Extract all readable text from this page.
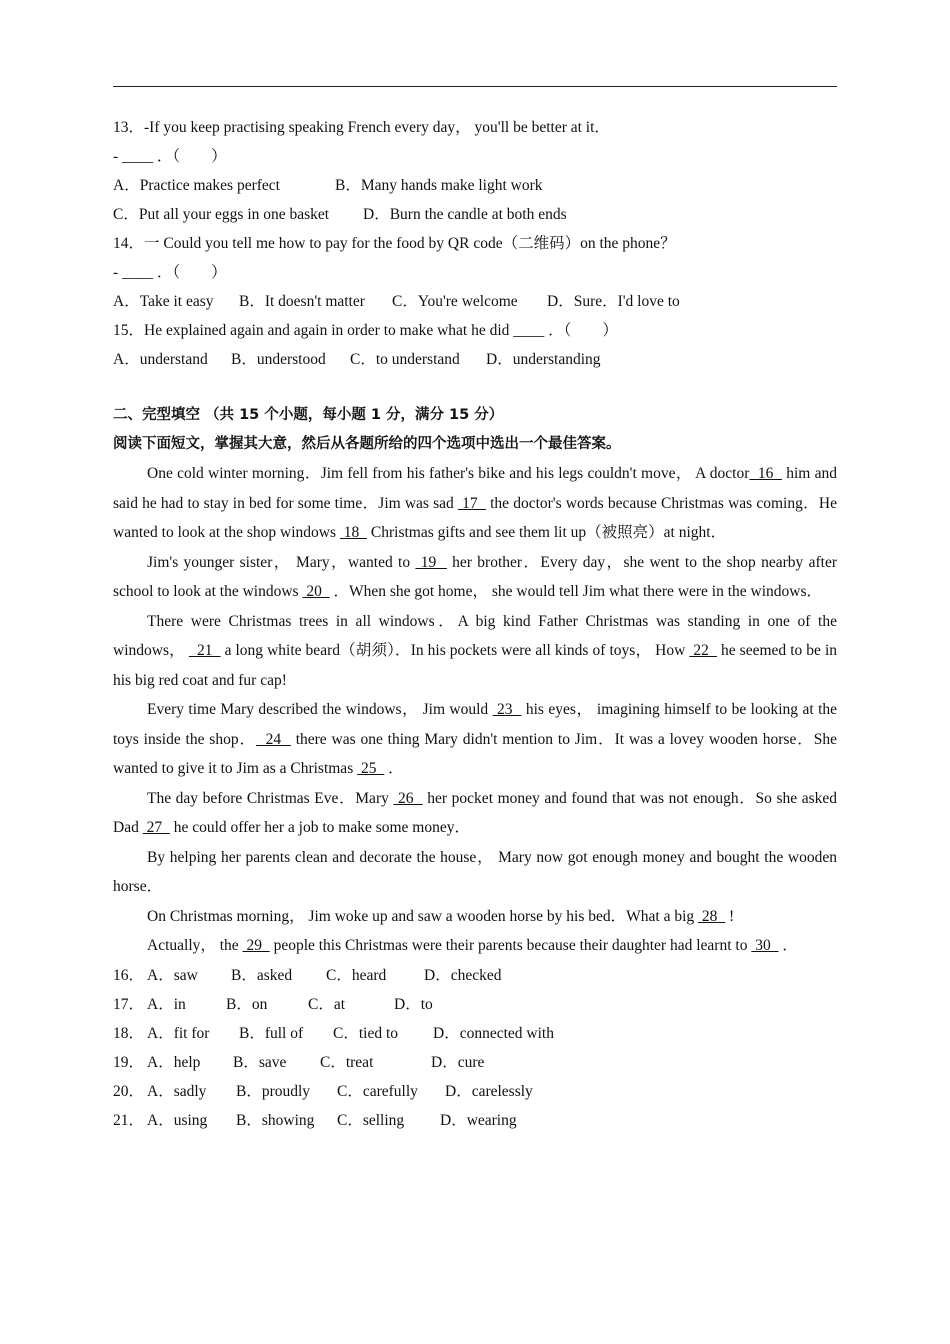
13．-If you keep practising speaking French every day， you'll be better at it．
- ____ ．（　　）
A．Practice makes perfect	B．Many hands make light work
C．Put all your eggs in one basket D．Burn the candle at both ends
14．一 Could you tell me how to pay for the food by QR code（二维码）on the phone？
- ____ ．（　　）
A．Take it easy B．It doesn't matter C．You're welcome D．Sure．I'd love to
15．He explained again and again in order to make what he did ____ ．（　　）
A．understand B．understood C．to understand D．understanding
二、完型填空 （共 15 个小题，每小题 1 分，满分 15 分）
阅读下面短文，掌握其大意，然后从各题所给的四个选项中选出一个最佳答案。

One cold winter morning．Jim fell from his father's bike and his legs couldn't move， A doctor  16   him and said he had to stay in bed for some time．Jim was sad  17   the doctor's words because Christmas was coming．He wanted to look at the shop windows  18   Christmas gifts and see them lit up（被照亮）at night．

Jim's younger sister， Mary，wanted to  19   her brother．Every day，she went to the shop nearby after school to look at the windows  20   ．When she got home， she would tell Jim what there were in the windows．

There were Christmas trees in all windows．A big kind Father Christmas was standing in one of the windows，   21   a long white beard（胡须）．In his pockets were all kinds of toys， How  22   he seemed to be in his big red coat and fur cap!

Every time Mary described the windows， Jim would  23   his eyes， imagining himself to be looking at the toys inside the shop．  24   there was one thing Mary didn't mention to Jim．It was a lovey wooden horse．She wanted to give it to Jim as a Christmas  25   ．

The day before Christmas Eve．Mary  26   her pocket money and found that was not enough．So she asked Dad  27   he could offer her a job to make some money．

By helping her parents clean and decorate the house， Mary now got enough money and bought the wooden horse．

On Christmas morning， Jim woke up and saw a wooden horse by his bed．What a big  28   !

Actually， the  29   people this Christmas were their parents because their daughter had learnt to  30   ．

16． A．saw B．asked C．heard D．checked
17． A．in	B．on	C．at	D．to
18． A．fit for B．full of C．tied to D．connected with
19． A．help B．save C．treat	D．cure
20． A．sadly B．proudly C．carefully D．carelessly
21． A．using B．showing C．selling D．wearing
